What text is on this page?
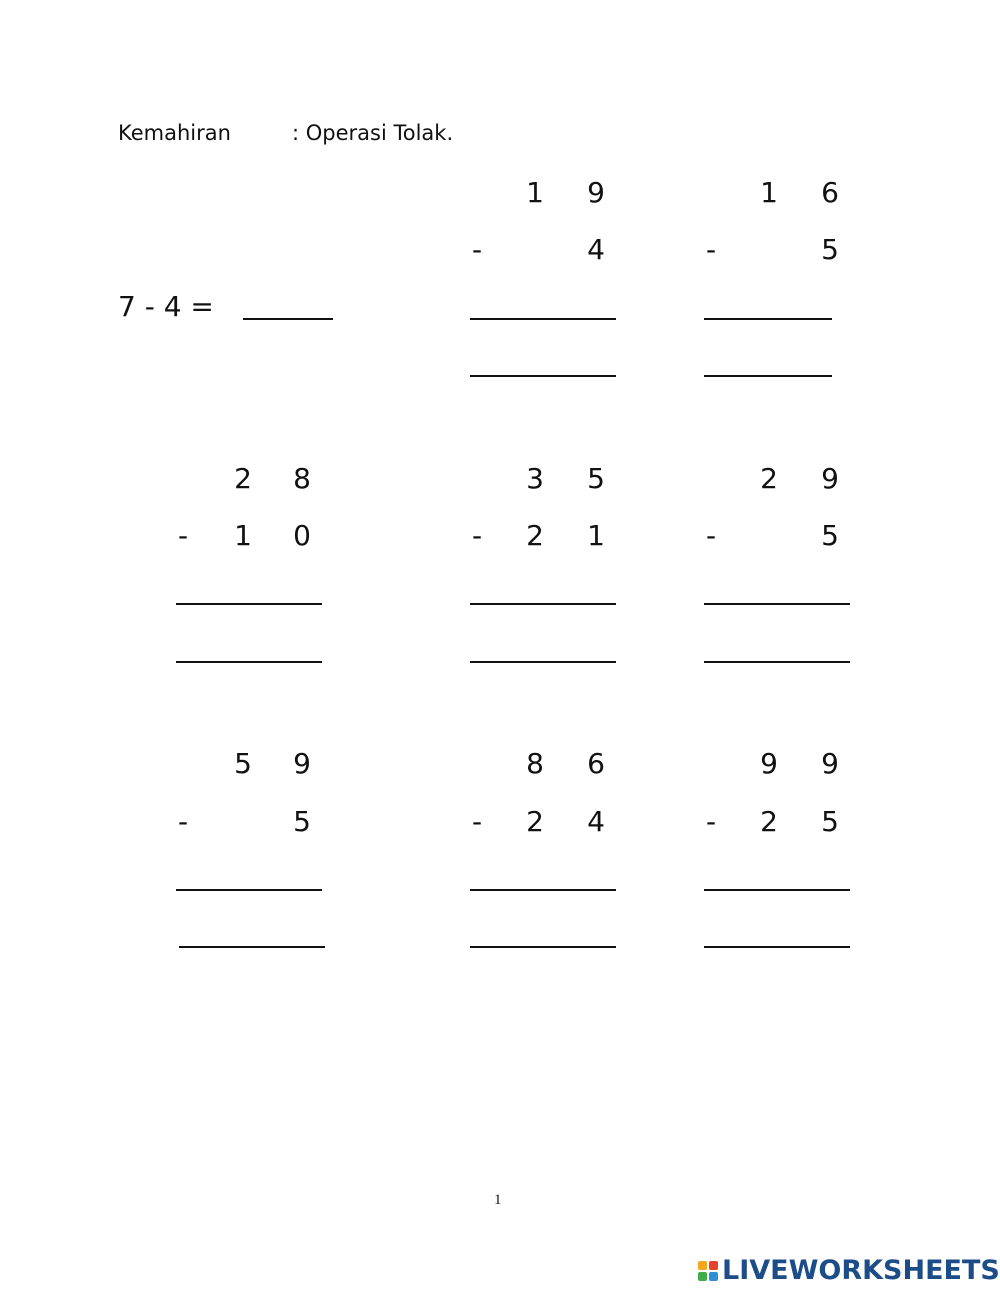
Kemahiran	: Operasi Tolak.
7 - 4 =
1 9
-	4
1 6
-	5
2 8
- 1 0
3 5
- 2 1
2 9
-	5
5 9
-	5
8 6
- 2 4
9 9
- 2 5
1
LIVEWORKSHEETS
